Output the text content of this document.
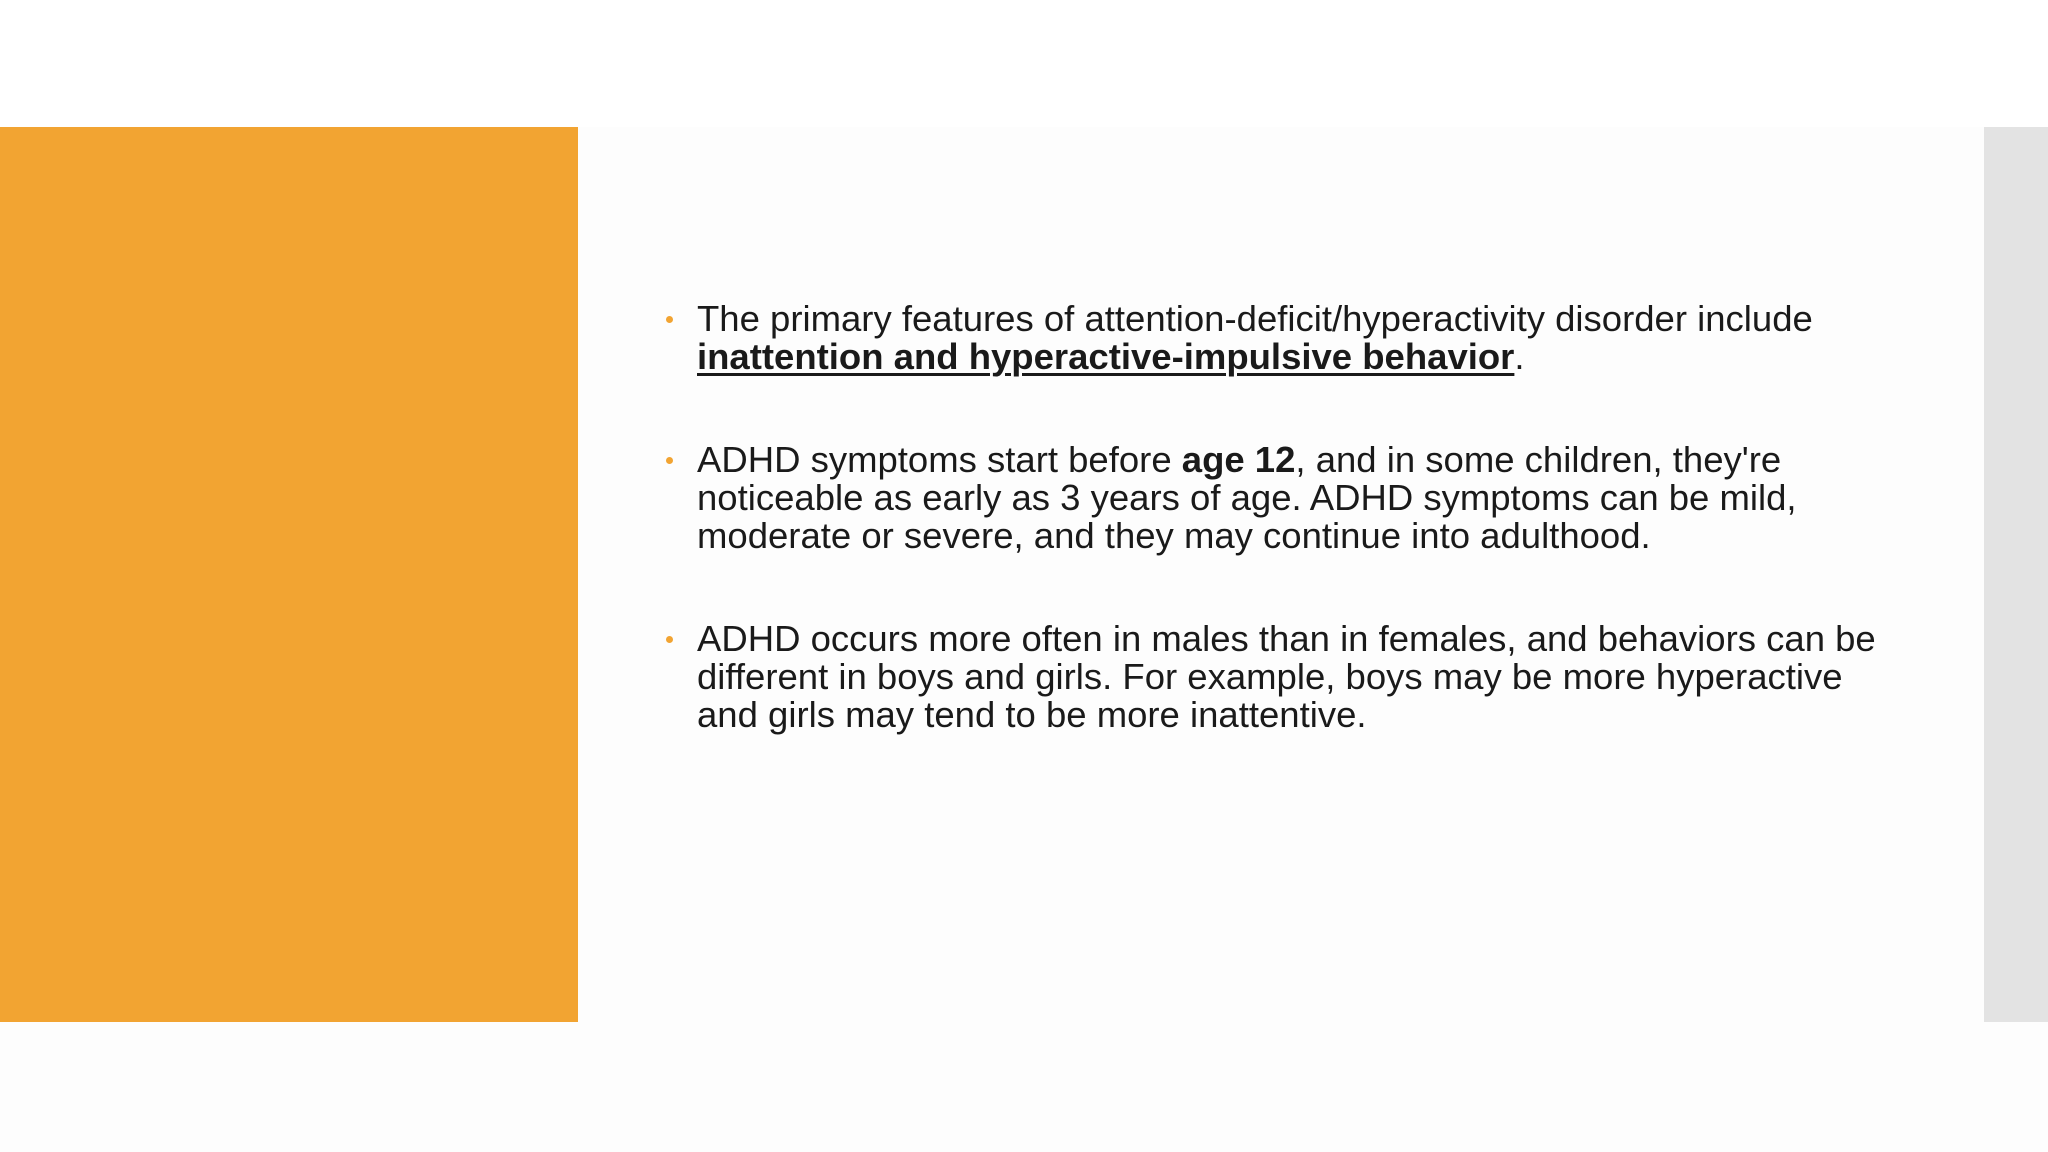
The primary features of attention-deficit/hyperactivity disorder include inattention and hyperactive-impulsive behavior.
ADHD symptoms start before age 12, and in some children, they're noticeable as early as 3 years of age. ADHD symptoms can be mild, moderate or severe, and they may continue into adulthood.
ADHD occurs more often in males than in females, and behaviors can be different in boys and girls. For example, boys may be more hyperactive and girls may tend to be more inattentive.
